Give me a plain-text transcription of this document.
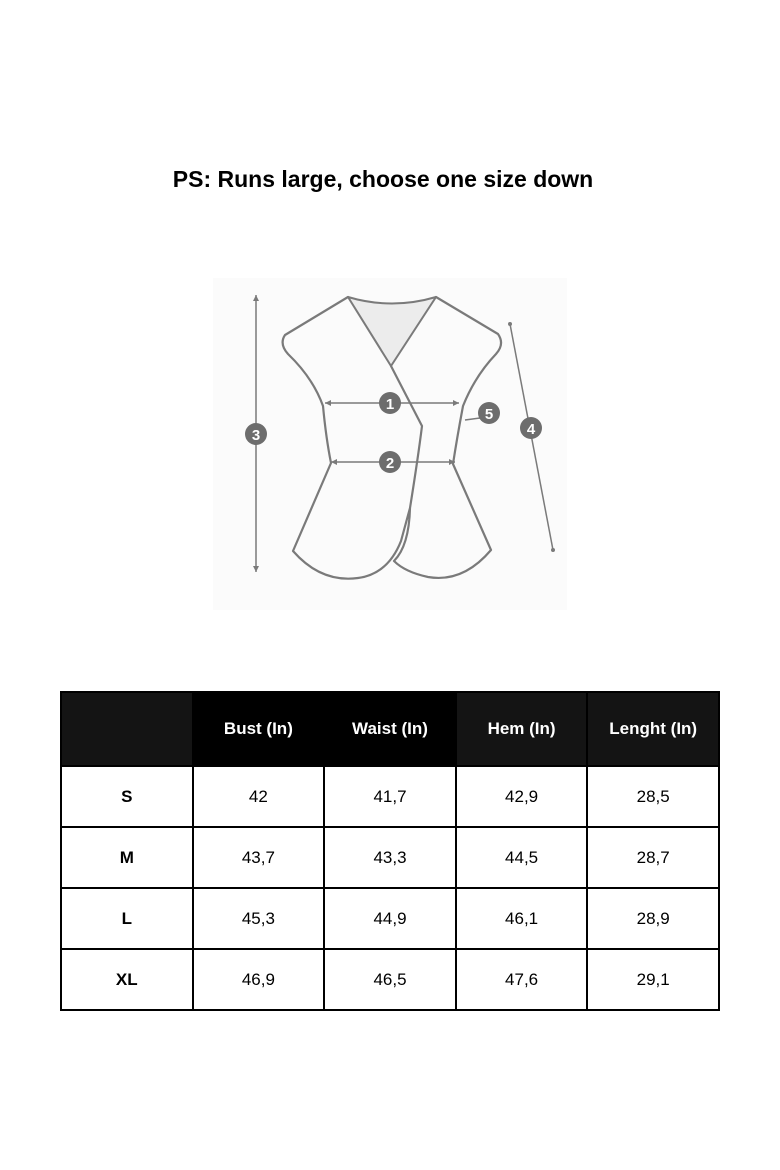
PS: Runs large, choose one size down
1
2
3	4
5
	Bust (In)	Waist (In)	Hem (In)	Lenght (In)
S	42	41,7	42,9	28,5
M	43,7	43,3	44,5	28,7
L	45,3	44,9	46,1	28,9
XL	46,9	46,5	47,6	29,1
